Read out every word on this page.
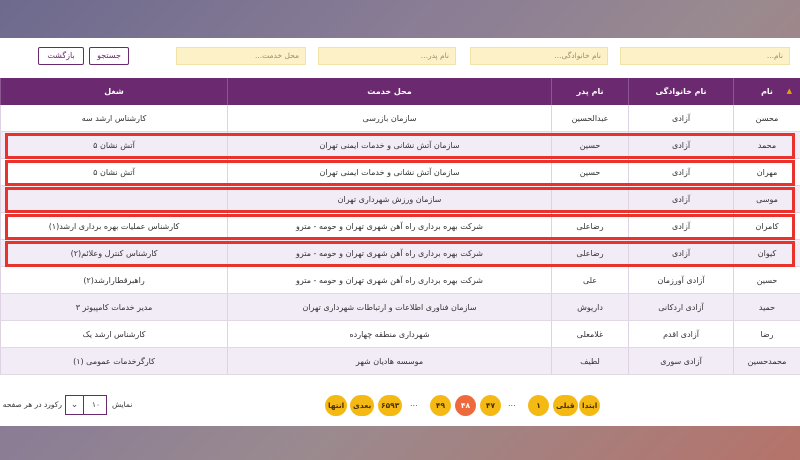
نام...
نام خانوادگی...
نام پدر...
محل خدمت...
جستجو
بازگشت
نام ▲
نام خانوادگی
نام پدر
محل خدمت
شغل
محسن
آزادی
عبدالحسین
سازمان بازرسی
کارشناس ارشد سه
محمد
آزادی
حسین
سازمان آتش نشانی و خدمات ایمنی تهران
آتش نشان ۵
مهران
آزادی
حسین
سازمان آتش نشانی و خدمات ایمنی تهران
آتش نشان ۵
موسی
آزادی
سازمان ورزش شهرداری تهران
کامران
آزادی
رضاعلی
شرکت بهره برداری راه آهن شهری تهران و حومه - مترو
کارشناس عملیات بهره برداری ارشد(۱)
کیوان
آزادی
رضاعلی
شرکت بهره برداری راه آهن شهری تهران و حومه - مترو
کارشناس کنترل وعلائم(۲)
حسین
آزادی آورزمان
علی
شرکت بهره برداری راه آهن شهری تهران و حومه - مترو
راهبرقطارارشد(۲)
حمید
آزادی اردکانی
داریوش
سازمان فناوری اطلاعات و ارتباطات شهرداری تهران
مدیر خدمات کامپیوتر ۳
رضا
آزادی اقدم
غلامعلی
شهرداری منطقه چهارده
کارشناس ارشد یک
محمدحسین
آزادی سوری
لطیف
موسسه هادیان شهر
کارگرخدمات عمومی (۱)
ابتدا
قبلی
۱
...
۴۷
۴۸
۴۹
...
۶۵۹۳
بعدی
انتها
نمایش
۱۰
⌄
رکورد در هر صفحه
